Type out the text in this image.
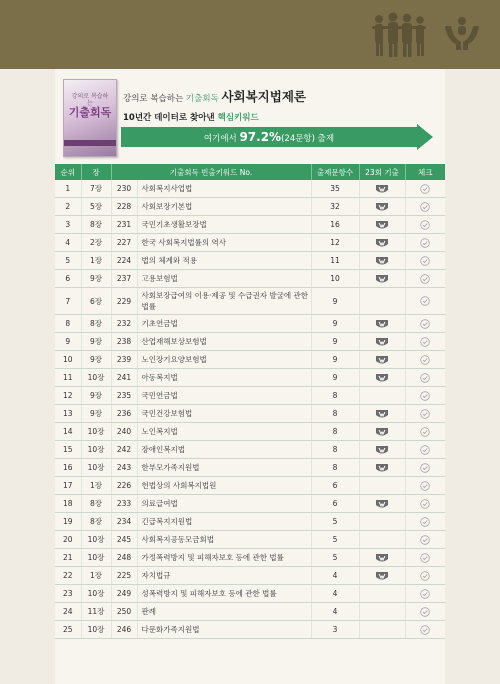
강의로 복습하는
기출회독
강의로 복습하는 기출회독 사회복지법제론
10년간 데이터로 찾아낸 핵심키워드
여기에서 97.2%(24문항) 출제
순위	장	기출회독 빈출키워드 No.		출제문항수	23회 기출	체크
1	7장	230	사회복지사업법	35		
2	5장	228	사회보장기본법	32		
3	8장	231	국민기초생활보장법	16		
4	2장	227	한국 사회복지법률의 역사	12		
5	1장	224	법의 체계와 적용	11		
6	9장	237	고용보험법	10		
7	6장	229	사회보장급여의 이용·제공 및 수급권자 발굴에 관한 법률	9		
8	8장	232	기초연금법	9		
9	9장	238	산업재해보상보험법	9		
10	9장	239	노인장기요양보험법	9		
11	10장	241	아동복지법	9		
12	9장	235	국민연금법	8		
13	9장	236	국민건강보험법	8		
14	10장	240	노인복지법	8		
15	10장	242	장애인복지법	8		
16	10장	243	한부모가족지원법	8		
17	1장	226	헌법상의 사회복지법원	6		
18	8장	233	의료급여법	6		
19	8장	234	긴급복지지원법	5		
20	10장	245	사회복지공동모금회법	5		
21	10장	248	가정폭력방지 및 피해자보호 등에 관한 법률	5		
22	1장	225	자치법규	4		
23	10장	249	성폭력방지 및 피해자보호 등에 관한 법률	4		
24	11장	250	판례	4		
25	10장	246	다문화가족지원법	3		
